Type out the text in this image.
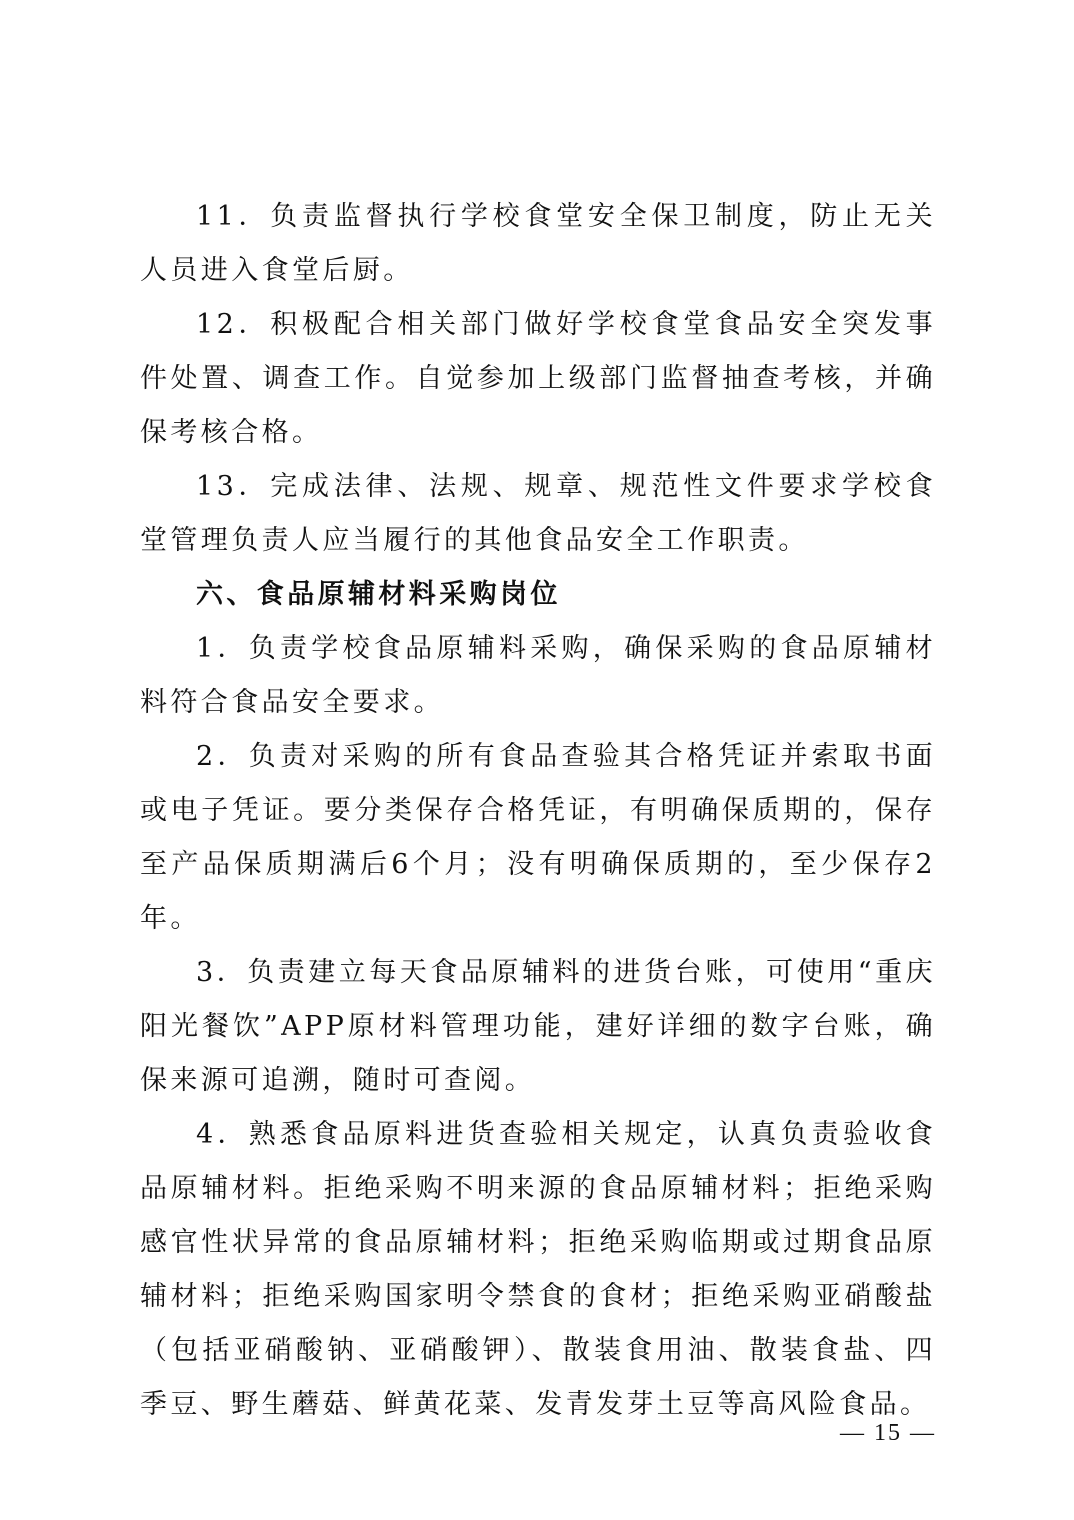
11．负责监督执行学校食堂安全保卫制度，防止无关人员进入食堂后厨。

12．积极配合相关部门做好学校食堂食品安全突发事件处置、调查工作。自觉参加上级部门监督抽查考核，并确保考核合格。

13．完成法律、法规、规章、规范性文件要求学校食堂管理负责人应当履行的其他食品安全工作职责。

六、食品原辅材料采购岗位

1．负责学校食品原辅料采购，确保采购的食品原辅材料符合食品安全要求。

2．负责对采购的所有食品查验其合格凭证并索取书面或电子凭证。要分类保存合格凭证，有明确保质期的，保存至产品保质期满后6个月；没有明确保质期的，至少保存2年。

3．负责建立每天食品原辅料的进货台账，可使用“重庆阳光餐饮”APP原材料管理功能，建好详细的数字台账，确保来源可追溯，随时可查阅。

4．熟悉食品原料进货查验相关规定，认真负责验收食品原辅材料。拒绝采购不明来源的食品原辅材料；拒绝采购感官性状异常的食品原辅材料；拒绝采购临期或过期食品原辅材料；拒绝采购国家明令禁食的食材；拒绝采购亚硝酸盐（包括亚硝酸钠、亚硝酸钾）、散装食用油、散装食盐、四季豆、野生蘑菇、鲜黄花菜、发青发芽土豆等高风险食品。

— 15 —
